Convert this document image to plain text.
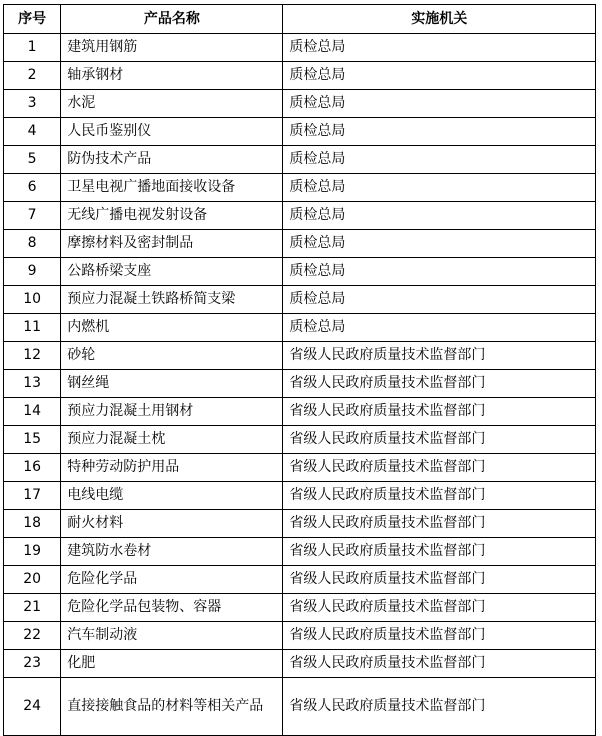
序号	产品名称	实施机关
1	建筑用钢筋	质检总局
2	轴承钢材	质检总局
3	水泥	质检总局
4	人民币鉴别仪	质检总局
5	防伪技术产品	质检总局
6	卫星电视广播地面接收设备	质检总局
7	无线广播电视发射设备	质检总局
8	摩擦材料及密封制品	质检总局
9	公路桥梁支座	质检总局
10	预应力混凝土铁路桥简支梁	质检总局
11	内燃机	质检总局
12	砂轮	省级人民政府质量技术监督部门
13	钢丝绳	省级人民政府质量技术监督部门
14	预应力混凝土用钢材	省级人民政府质量技术监督部门
15	预应力混凝土枕	省级人民政府质量技术监督部门
16	特种劳动防护用品	省级人民政府质量技术监督部门
17	电线电缆	省级人民政府质量技术监督部门
18	耐火材料	省级人民政府质量技术监督部门
19	建筑防水卷材	省级人民政府质量技术监督部门
20	危险化学品	省级人民政府质量技术监督部门
21	危险化学品包装物、容器	省级人民政府质量技术监督部门
22	汽车制动液	省级人民政府质量技术监督部门
23	化肥	省级人民政府质量技术监督部门
24	直接接触食品的材料等相关产品	省级人民政府质量技术监督部门
